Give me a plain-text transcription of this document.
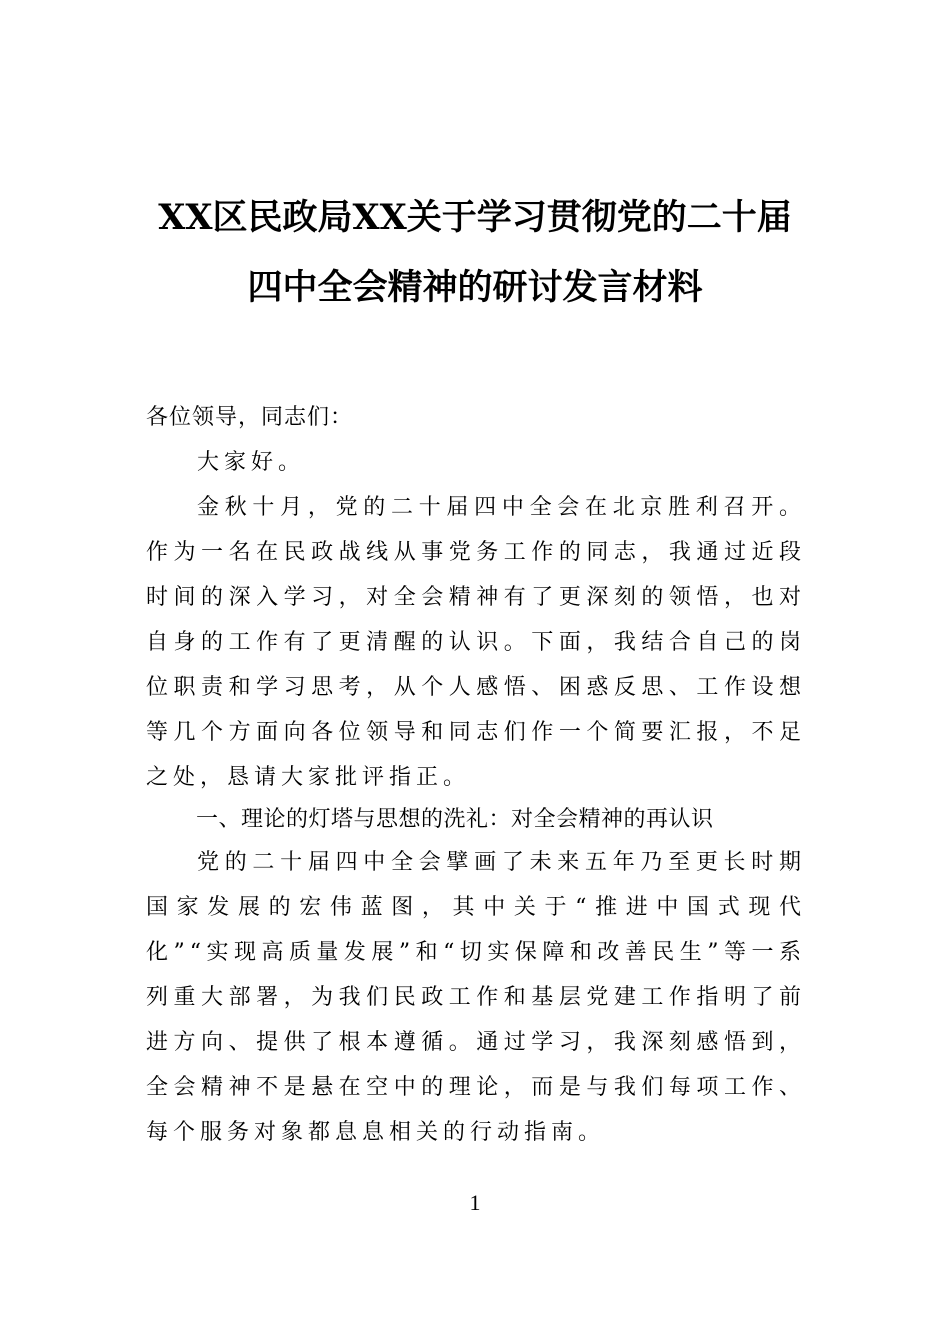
XX区民政局XX关于学习贯彻党的二十届
四中全会精神的研讨发言材料
各位领导，同志们：

大家好。

金秋十月，党的二十届四中全会在北京胜利召开。作为一名在民政战线从事党务工作的同志，我通过近段时间的深入学习，对全会精神有了更深刻的领悟，也对自身的工作有了更清醒的认识。下面，我结合自己的岗位职责和学习思考，从个人感悟、困惑反思、工作设想等几个方面向各位领导和同志们作一个简要汇报，不足之处，恳请大家批评指正。

一、理论的灯塔与思想的洗礼：对全会精神的再认识

党的二十届四中全会擘画了未来五年乃至更长时期国家发展的宏伟蓝图，其中关于“推进中国式现代化”“实现高质量发展”和“切实保障和改善民生”等一系列重大部署，为我们民政工作和基层党建工作指明了前进方向、提供了根本遵循。通过学习，我深刻感悟到，全会精神不是悬在空中的理论，而是与我们每项工作、每个服务对象都息息相关的行动指南。

1
